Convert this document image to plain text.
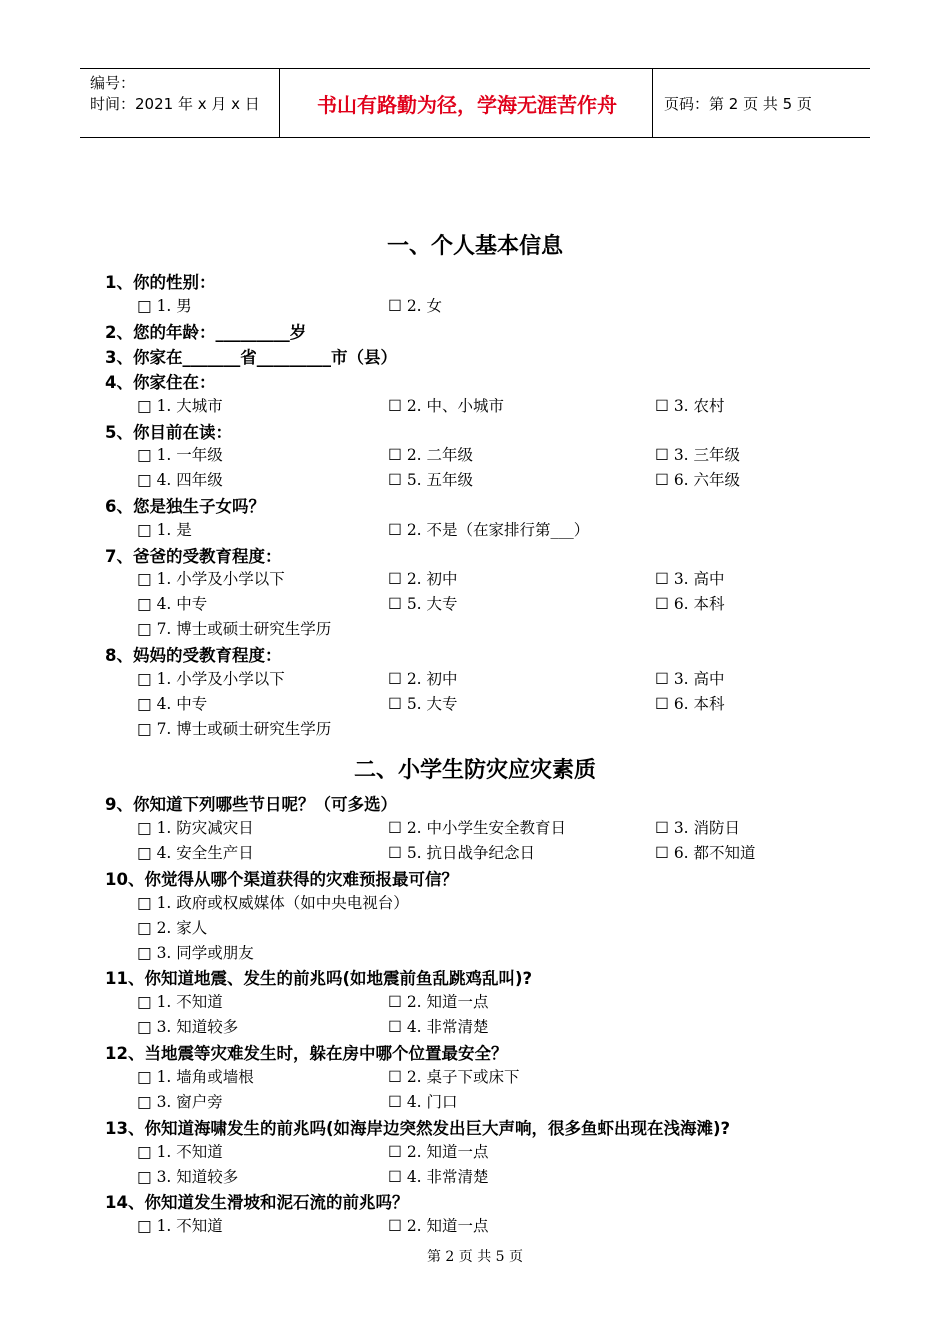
编号：
时间：2021 年 x 月 x 日	书山有路勤为径，学海无涯苦作舟	页码：第 2 页 共 5 页
一、个人基本信息
1、你的性别：
□ 1. 男	☐ 2. 女
2、您的年龄：_________岁
3、你家在_______省_________市（县）
4、你家住在：
□ 1. 大城市	☐ 2. 中、小城市	☐ 3. 农村
5、你目前在读：
□ 1. 一年级	☐ 2. 二年级	☐ 3. 三年级
□ 4. 四年级	☐ 5. 五年级	☐ 6. 六年级
6、您是独生子女吗？
□ 1. 是	☐ 2. 不是（在家排行第___）
7、爸爸的受教育程度：
□ 1. 小学及小学以下	☐ 2. 初中	☐ 3. 高中
□ 4. 中专	☐ 5. 大专	☐ 6. 本科
□ 7. 博士或硕士研究生学历
8、妈妈的受教育程度：
□ 1. 小学及小学以下	☐ 2. 初中	☐ 3. 高中
□ 4. 中专	☐ 5. 大专	☐ 6. 本科
□ 7. 博士或硕士研究生学历
二、小学生防灾应灾素质
9、你知道下列哪些节日呢？（可多选）
□ 1. 防灾减灾日	☐ 2. 中小学生安全教育日	☐ 3. 消防日
□ 4. 安全生产日	☐ 5. 抗日战争纪念日	☐ 6. 都不知道
10、你觉得从哪个渠道获得的灾难预报最可信？
□ 1. 政府或权威媒体（如中央电视台）
□ 2. 家人
□ 3. 同学或朋友
11、你知道地震、发生的前兆吗(如地震前鱼乱跳鸡乱叫)?
□ 1. 不知道	☐ 2. 知道一点
□ 3. 知道较多	☐ 4. 非常清楚
12、当地震等灾难发生时，躲在房中哪个位置最安全？
□ 1. 墙角或墙根	☐ 2. 桌子下或床下
□ 3. 窗户旁	☐ 4. 门口
13、你知道海啸发生的前兆吗(如海岸边突然发出巨大声响，很多鱼虾出现在浅海滩)?
□ 1. 不知道	☐ 2. 知道一点
□ 3. 知道较多	☐ 4. 非常清楚
14、你知道发生滑坡和泥石流的前兆吗？
□ 1. 不知道	☐ 2. 知道一点
第 2 页 共 5 页
